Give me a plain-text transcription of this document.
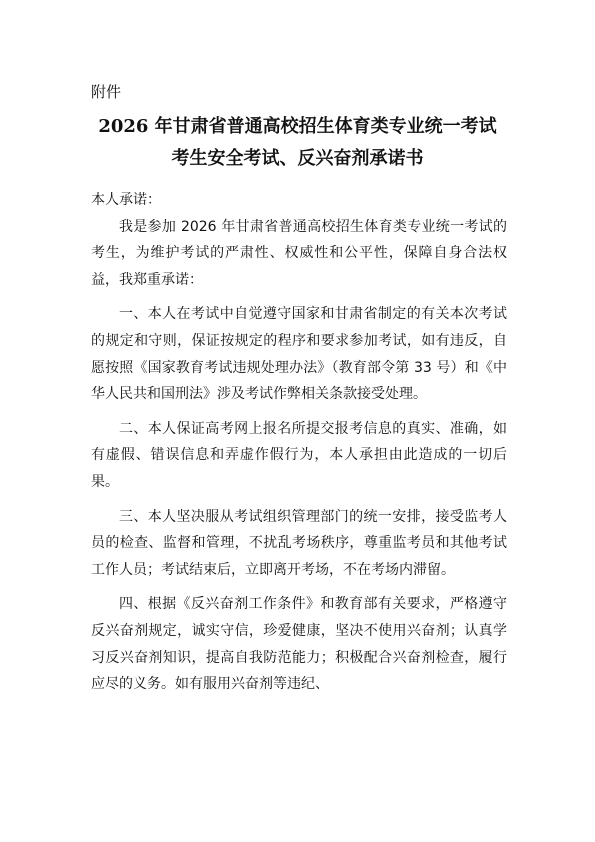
附件
2026 年甘肃省普通高校招生体育类专业统一考试
考生安全考试、反兴奋剂承诺书

本人承诺：

我是参加 2026 年甘肃省普通高校招生体育类专业统一考试的考生，为维护考试的严肃性、权威性和公平性，保障自身合法权益，我郑重承诺：

一、本人在考试中自觉遵守国家和甘肃省制定的有关本次考试的规定和守则，保证按规定的程序和要求参加考试，如有违反，自愿按照《国家教育考试违规处理办法》（教育部令第 33 号）和《中华人民共和国刑法》涉及考试作弊相关条款接受处理。

二、本人保证高考网上报名所提交报考信息的真实、准确，如有虚假、错误信息和弄虚作假行为，本人承担由此造成的一切后果。

三、本人坚决服从考试组织管理部门的统一安排，接受监考人员的检查、监督和管理，不扰乱考场秩序，尊重监考员和其他考试工作人员；考试结束后，立即离开考场，不在考场内滞留。

四、根据《反兴奋剂工作条件》和教育部有关要求，严格遵守反兴奋剂规定，诚实守信，珍爱健康，坚决不使用兴奋剂；认真学习反兴奋剂知识，提高自我防范能力；积极配合兴奋剂检查，履行应尽的义务。如有服用兴奋剂等违纪、
